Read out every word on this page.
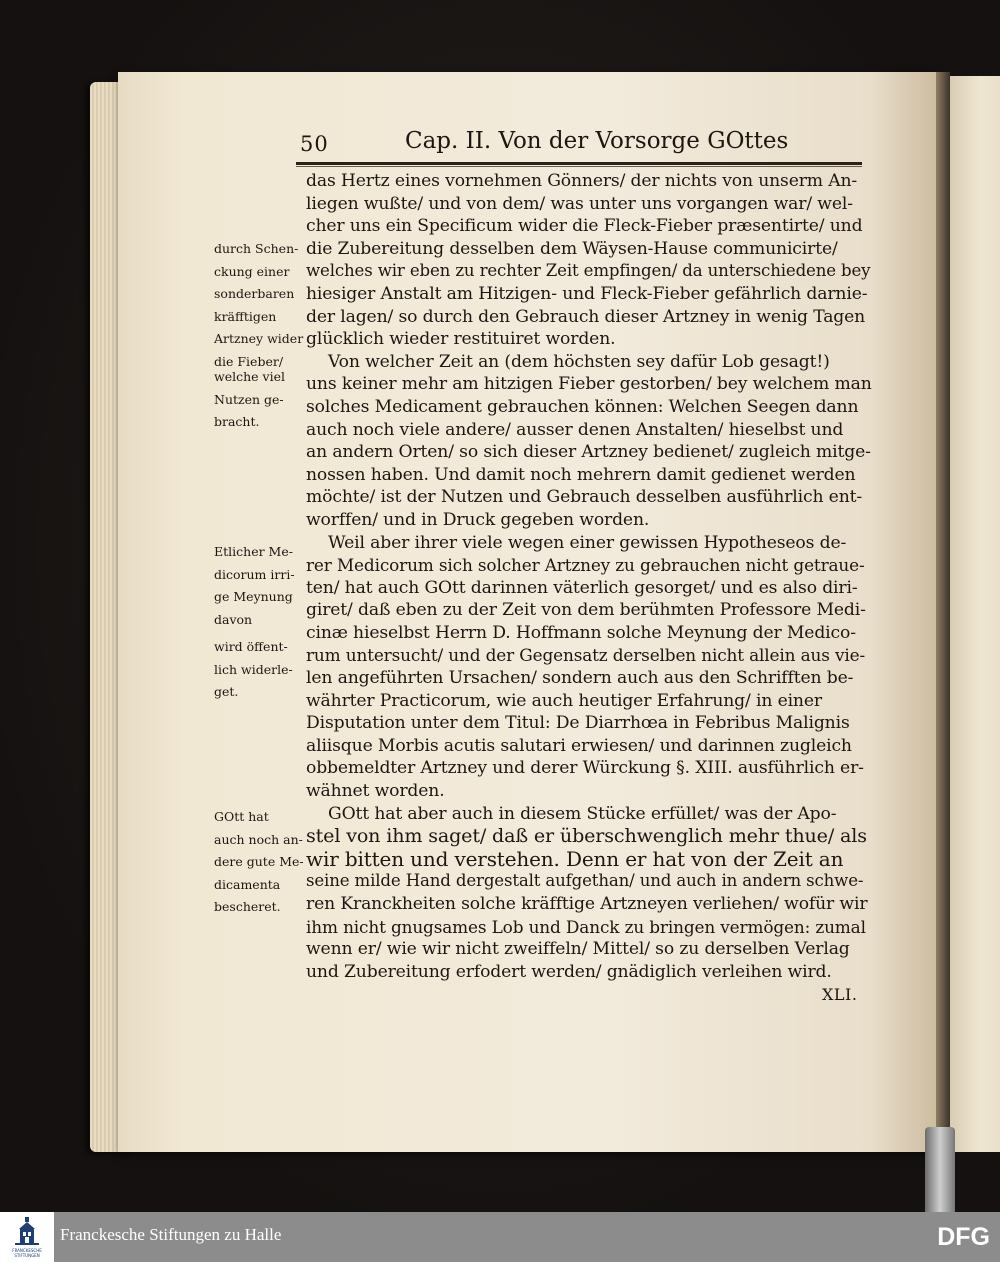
50	Cap. II. Von der Vorsorge GOttes
das Hertz eines vornehmen Gönners/ der nichts von unserm An-
liegen wußte/ und von dem/ was unter uns vorgangen war/ wel-
cher uns ein Specificum wider die Fleck-Fieber præsentirte/ und
die Zubereitung desselben dem Wäysen-Hause communicirte/
welches wir eben zu rechter Zeit empfingen/ da unterschiedene bey
hiesiger Anstalt am Hitzigen- und Fleck-Fieber gefährlich darnie-
der lagen/ so durch den Gebrauch dieser Artzney in wenig Tagen
glücklich wieder restituiret worden.
Von welcher Zeit an (dem höchsten sey dafür Lob gesagt!)
uns keiner mehr am hitzigen Fieber gestorben/ bey welchem man
solches Medicament gebrauchen können: Welchen Seegen dann
auch noch viele andere/ ausser denen Anstalten/ hieselbst und
an andern Orten/ so sich dieser Artzney bedienet/ zugleich mitge-
nossen haben. Und damit noch mehrern damit gedienet werden
möchte/ ist der Nutzen und Gebrauch desselben ausführlich ent-
worffen/ und in Druck gegeben worden.
Weil aber ihrer viele wegen einer gewissen Hypotheseos de-
rer Medicorum sich solcher Artzney zu gebrauchen nicht getraue-
ten/ hat auch GOtt darinnen väterlich gesorget/ und es also diri-
giret/ daß eben zu der Zeit von dem berühmten Professore Medi-
cinæ hieselbst Herrn D. Hoffmann solche Meynung der Medico-
rum untersucht/ und der Gegensatz derselben nicht allein aus vie-
len angeführten Ursachen/ sondern auch aus den Schrifften be-
währter Practicorum, wie auch heutiger Erfahrung/ in einer
Disputation unter dem Titul: De Diarrhœa in Febribus Malignis
aliisque Morbis acutis salutari erwiesen/ und darinnen zugleich
obbemeldter Artzney und derer Würckung §. XIII. ausführlich er-
wähnet worden.
GOtt hat aber auch in diesem Stücke erfüllet/ was der Apo-
stel von ihm saget/ daß er überschwenglich mehr thue/ als
wir bitten und verstehen. Denn er hat von der Zeit an
seine milde Hand dergestalt aufgethan/ und auch in andern schwe-
ren Kranckheiten solche kräfftige Artzneyen verliehen/ wofür wir
ihm nicht gnugsames Lob und Danck zu bringen vermögen: zumal
wenn er/ wie wir nicht zweiffeln/ Mittel/ so zu derselben Verlag
und Zubereitung erfodert werden/ gnädiglich verleihen wird.
durch Schen-
ckung einer
sonderbaren
kräfftigen
Artzney wider
die Fieber/
welche viel
Nutzen ge-
bracht.
Etlicher Me-
dicorum irri-
ge Meynung
davon
wird öffent-
lich widerle-
get.
GOtt hat
auch noch an-
dere gute Me-
dicamenta
bescheret.
XLI.
FRANCKESCHE STIFTUNGEN
Franckesche Stiftungen zu Halle	DFG
